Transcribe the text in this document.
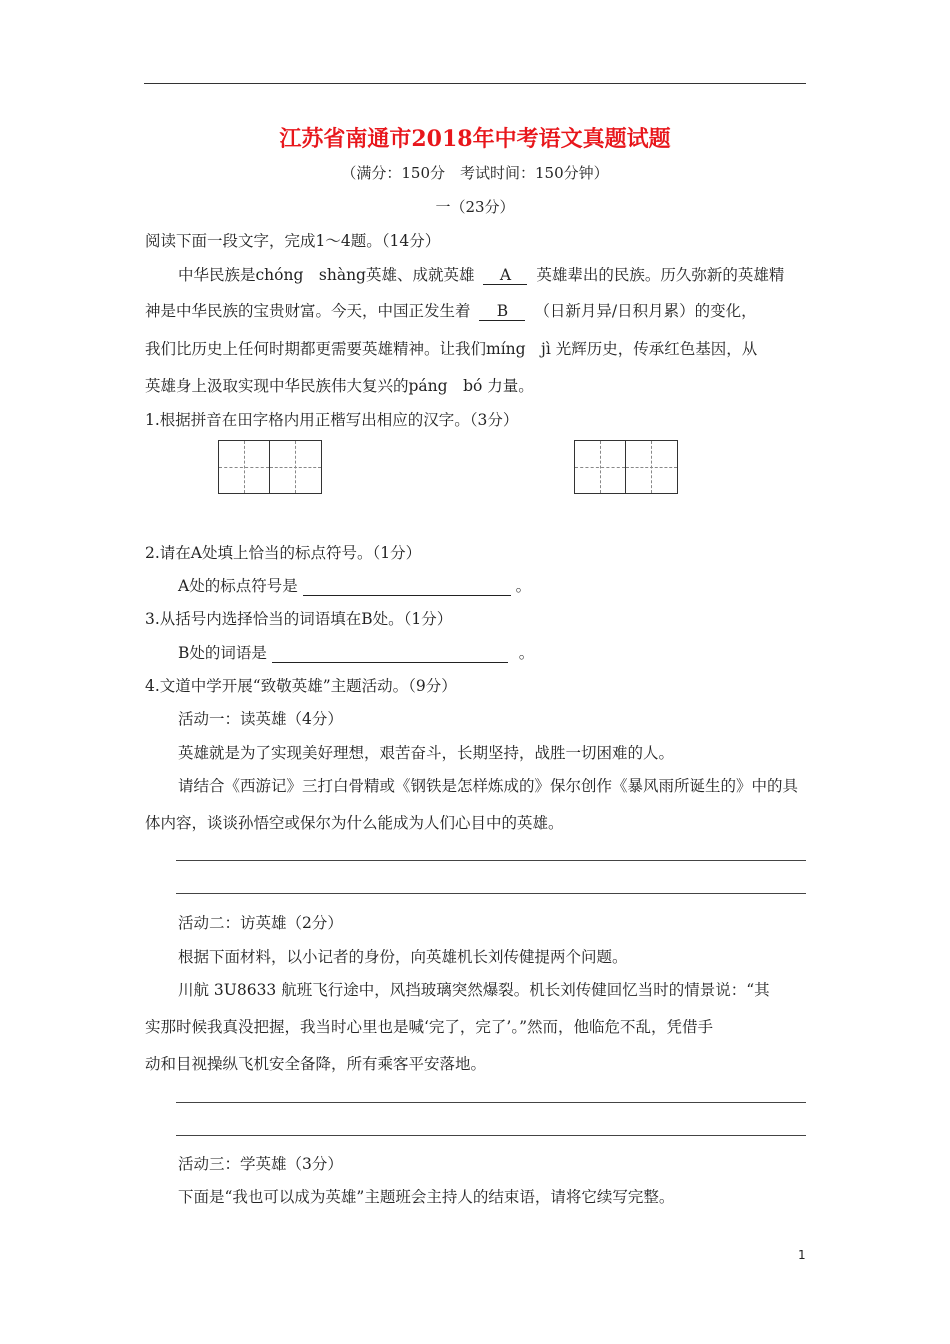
江苏省南通市2018年中考语文真题试题
（满分：150分　考试时间：150分钟）
一（23分）
阅读下面一段文字，完成1～4题。（14分）
中华民族是chóng　shàng英雄、成就英雄 A 英雄辈出的民族。历久弥新的英雄精
神是中华民族的宝贵财富。今天，中国正发生着 B （日新月异/日积月累）的变化，
我们比历史上任何时期都更需要英雄精神。让我们míng　jì 光辉历史，传承红色基因，从
英雄身上汲取实现中华民族伟大复兴的páng　bó 力量。
1.根据拼音在田字格内用正楷写出相应的汉字。（3分）
2.请在A处填上恰当的标点符号。（1分）
A处的标点符号是	。
3.从括号内选择恰当的词语填在B处。（1分）
B处的词语是	。
4.文道中学开展“致敬英雄”主题活动。（9分）
活动一：读英雄（4分）
英雄就是为了实现美好理想，艰苦奋斗，长期坚持，战胜一切困难的人。
请结合《西游记》三打白骨精或《钢铁是怎样炼成的》保尔创作《暴风雨所诞生的》中的具
体内容，谈谈孙悟空或保尔为什么能成为人们心目中的英雄。
活动二：访英雄（2分）
根据下面材料，以小记者的身份，向英雄机长刘传健提两个问题。
川航 3U8633 航班飞行途中，风挡玻璃突然爆裂。机长刘传健回忆当时的情景说：“其
实那时候我真没把握，我当时心里也是喊‘完了，完了’。”然而，他临危不乱，凭借手
动和目视操纵飞机安全备降，所有乘客平安落地。
活动三：学英雄（3分）
下面是“我也可以成为英雄”主题班会主持人的结束语，请将它续写完整。
1
